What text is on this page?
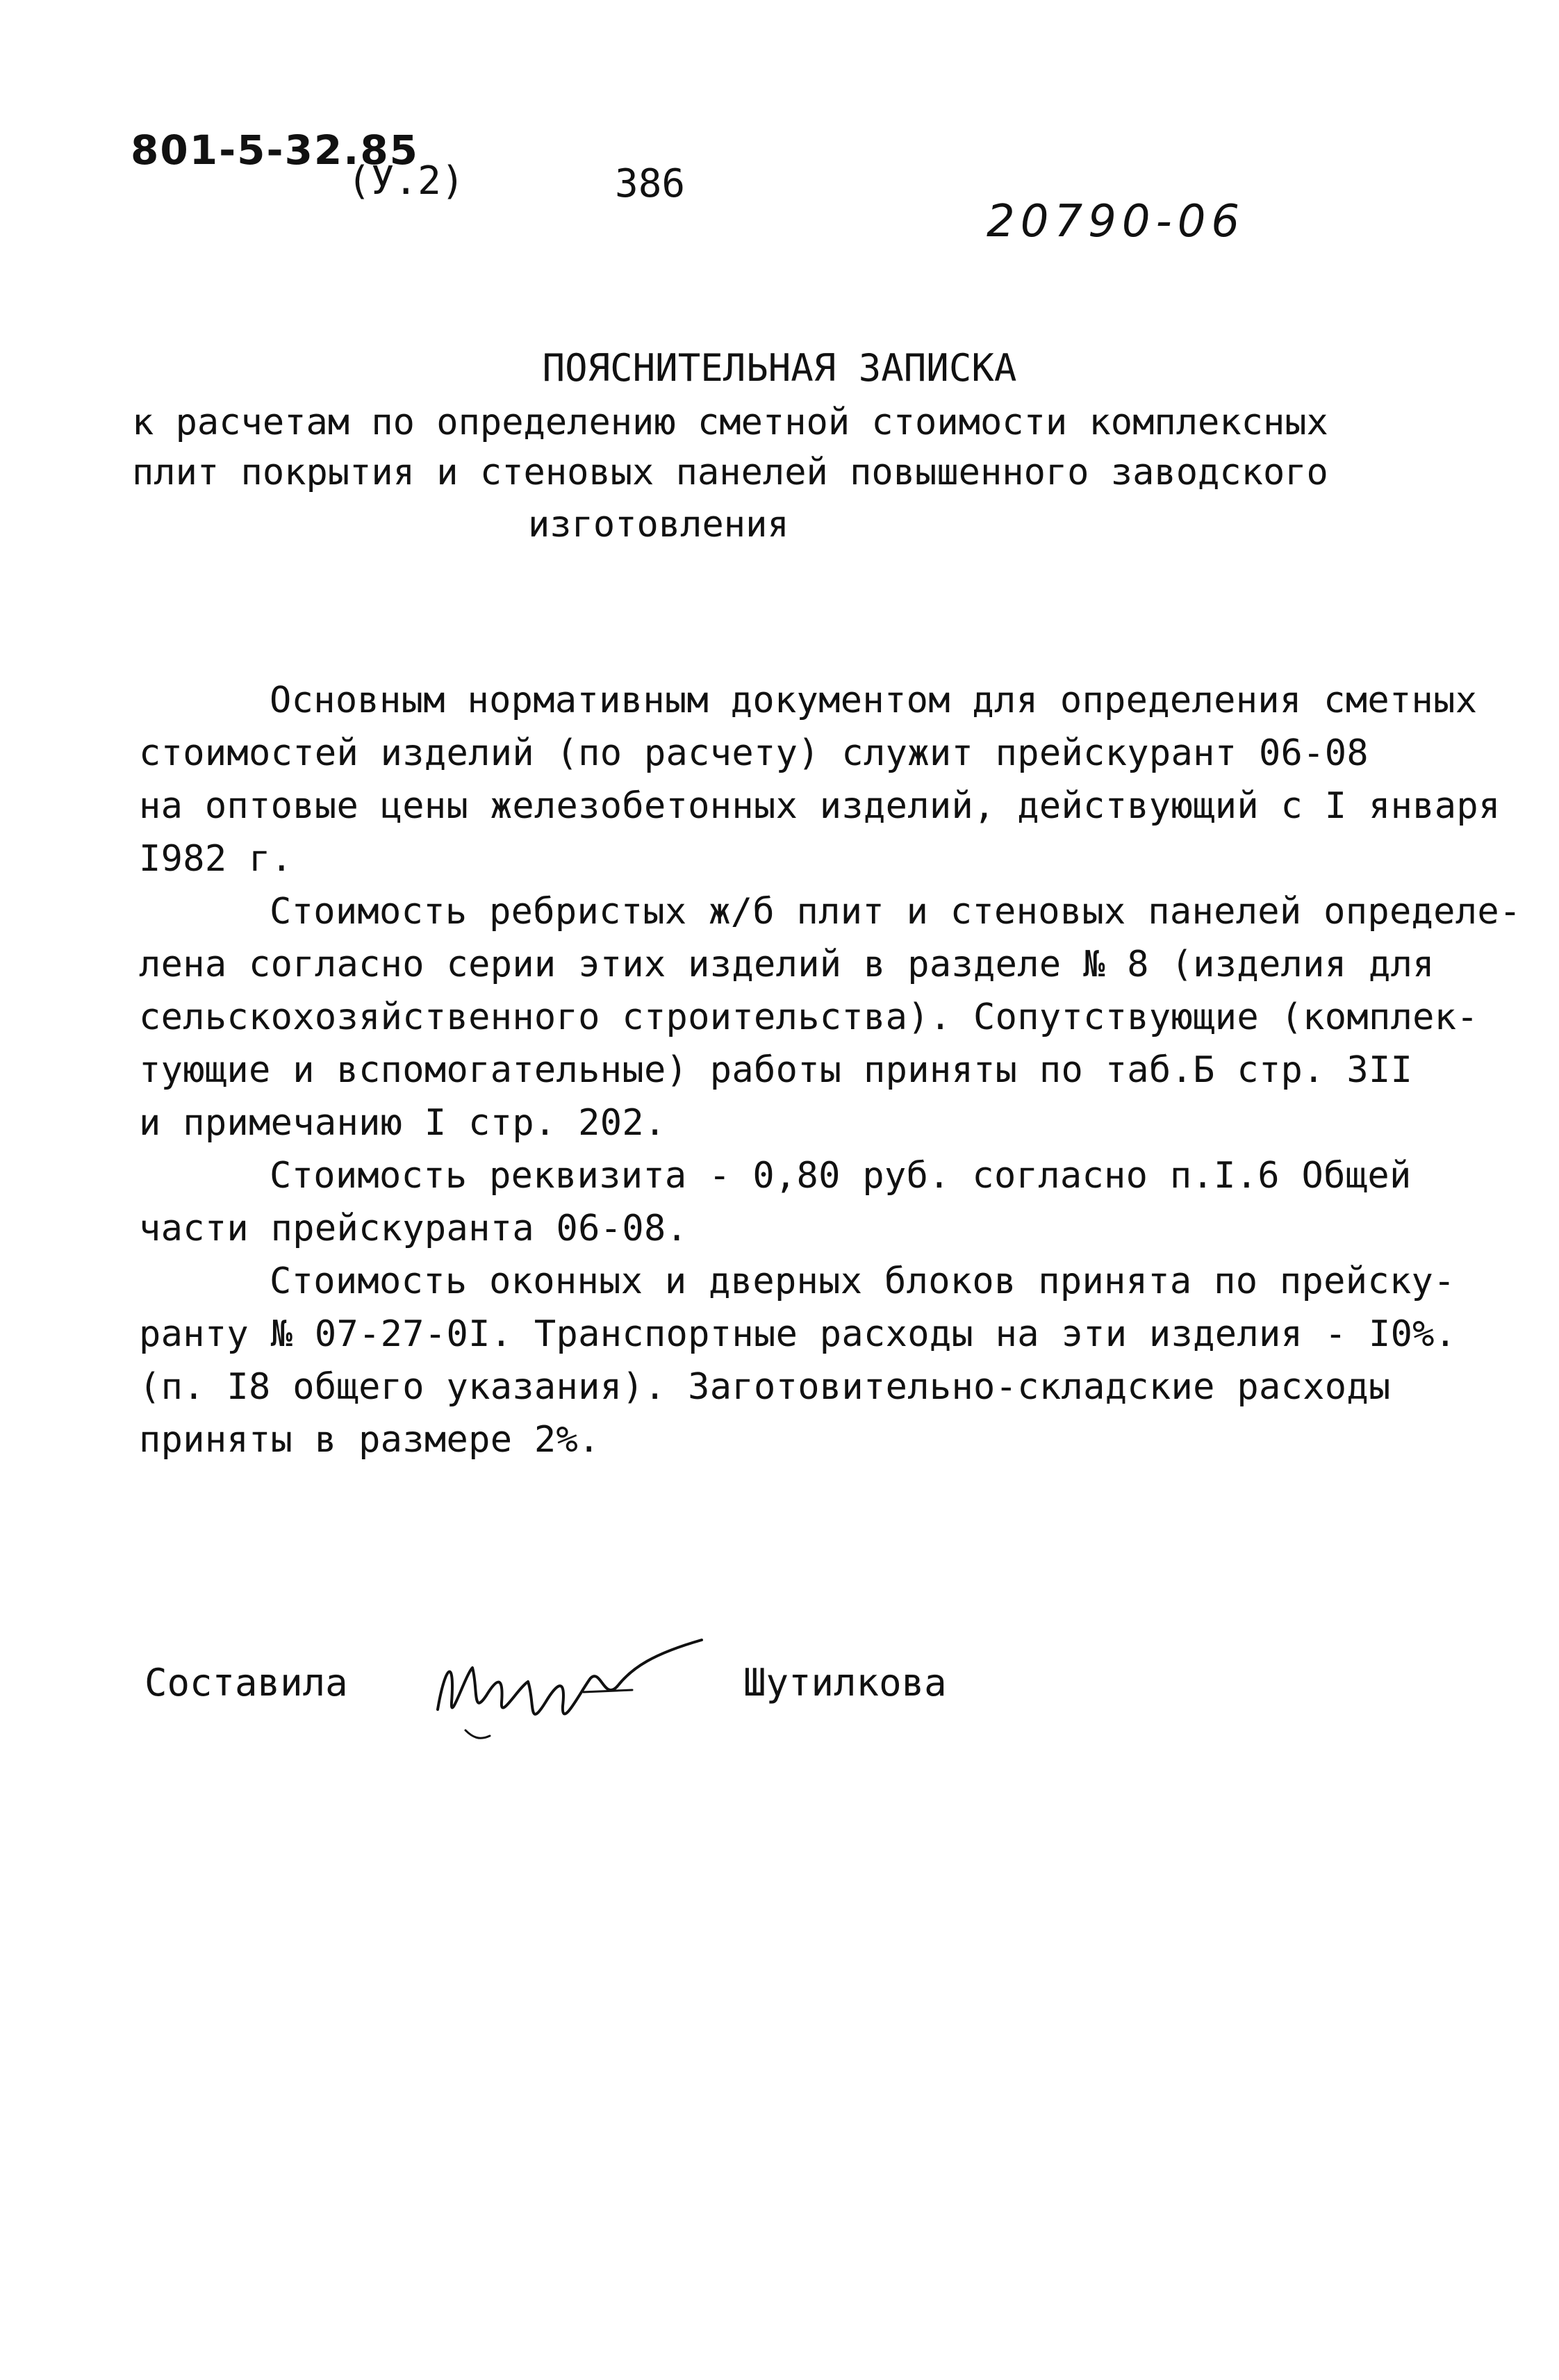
801-5-32.85
(У.2)	386
20790-06
ПОЯСНИТЕЛЬНАЯ ЗАПИСКА
к расчетам по определению сметной стоимости комплексных
плит покрытия и стеновых панелей повышенного заводского
изготовления
Основным нормативным документом для определения сметных
стоимостей изделий (по расчету) служит прейскурант 06-08
на оптовые цены железобетонных изделий, действующий с I января
I982 г.
Стоимость ребристых ж/б плит и стеновых панелей определе-
лена согласно серии этих изделий в разделе № 8 (изделия для
сельскохозяйственного строительства). Сопутствующие (комплек-
тующие и вспомогательные) работы приняты по таб.Б стр. 3II
и примечанию I стр. 202.
Стоимость реквизита - 0,80 руб. согласно п.I.6 Общей
части прейскуранта 06-08.
Стоимость оконных и дверных блоков принята по прейску-
ранту № 07-27-0I. Транспортные расходы на эти изделия - I0%.
(п. I8 общего указания). Заготовительно-складские расходы
приняты в размере 2%.
Составила	Шутилкова
